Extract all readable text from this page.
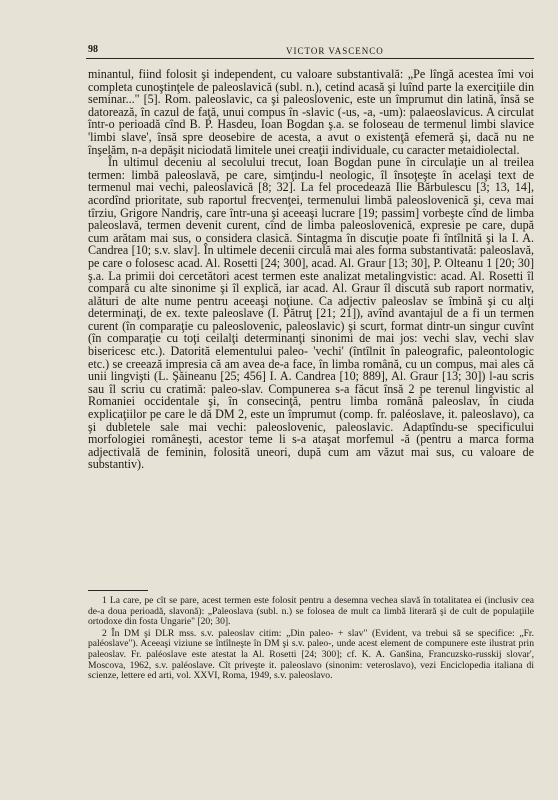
98	VICTOR VASCENCO

minantul, fiind folosit şi independent, cu valoare substantivală: „Pe lîngă acestea îmi voi completa cunoştinţele de paleoslavică (subl. n.), cetind acasă şi luînd parte la exerciţiile din seminar..." [5]. Rom. paleoslavic, ca şi paleoslovenic, este un împrumut din latină, însă se datorează, în cazul de faţă, unui compus în -slavic (-us, -a, -um): palaeoslavicus. A circulat într-o perioadă cînd B. P. Hasdeu, Ioan Bogdan ş.a. se foloseau de termenul limbi slavice 'limbi slave', însă spre deosebire de acesta, a avut o existenţă efemeră şi, dacă nu ne înşelăm, n-a depăşit niciodată limitele unei creaţii individuale, cu caracter metaidiolectal.

În ultimul deceniu al secolului trecut, Ioan Bogdan pune în circulaţie un al treilea termen: limbă paleoslavă, pe care, simţindu-l neologic, îl însoţeşte în acelaşi text de termenul mai vechi, paleoslavică [8; 32]. La fel procedează Ilie Bărbulescu [3; 13, 14], acordînd prioritate, sub raportul frecvenţei, termenului limbă paleoslovenică şi, ceva mai tîrziu, Grigore Nandriş, care într-una şi aceeaşi lucrare [19; passim] vorbeşte cînd de limba paleoslavă, termen devenit curent, cînd de limba paleoslovenică, expresie pe care, după cum arătam mai sus, o considera clasică. Sintagma în discuţie poate fi întîlnită şi la I. A. Candrea [10; s.v. slav]. În ultimele decenii circulă mai ales forma substantivată: paleoslavă, pe care o folosesc acad. Al. Rosetti [24; 300], acad. Al. Graur [13; 30], P. Olteanu 1 [20; 30] ş.a. La primii doi cercetători acest termen este analizat metalingvistic: acad. Al. Rosetti îl compară cu alte sinonime şi îl explică, iar acad. Al. Graur îl discută sub raport normativ, alături de alte nume pentru aceeaşi noţiune. Ca adjectiv paleoslav se îmbină şi cu alţi determinaţi, de ex. texte paleoslave (I. Pătruţ [21; 21]), avînd avantajul de a fi un termen curent (în comparaţie cu paleoslovenic, paleoslavic) şi scurt, format dintr-un singur cuvînt (în comparaţie cu toţi ceilalţi determinanţi sinonimi de mai jos: vechi slav, vechi slav bisericesc etc.). Datorită elementului paleo- 'vechi' (întîlnit în paleografic, paleontologic etc.) se creează impresia că am avea de-a face, în limba română, cu un compus, mai ales că unii lingvişti (L. Şăineanu [25; 456] I. A. Candrea [10; 889], Al. Graur [13; 30]) l-au scris sau îl scriu cu cratimă: paleo-slav. Compunerea s-a făcut însă 2 pe terenul lingvistic al Romaniei occidentale şi, în consecinţă, pentru limba română paleoslav, în ciuda explicaţiilor pe care le dă DM 2, este un împrumut (comp. fr. paléoslave, it. paleoslavo), ca şi dubletele sale mai vechi: paleoslovenic, paleoslavic. Adaptîndu-se specificului morfologiei româneşti, acestor teme li s-a ataşat morfemul -ă (pentru a marca forma adjectivală de feminin, folosită uneori, după cum am văzut mai sus, cu valoare de substantiv).

1 La care, pe cît se pare, acest termen este folosit pentru a desemna vechea slavă în totalitatea ei (inclusiv cea de-a doua perioadă, slavonă): „Paleoslava (subl. n.) se folosea de mult ca limbă literară şi de cult de populaţiile ortodoxe din fosta Ungarie" [20; 30].

2 În DM şi DLR mss. s.v. paleoslav citim: „Din paleo- + slav" (Evident, va trebui să se specifice: „Fr. paléoslave"). Aceeaşi viziune se întîlneşte în DM şi s.v. paleo-, unde acest element de compunere este ilustrat prin paleoslav. Fr. paléoslave este atestat la Al. Rosetti [24; 300]; cf. K. A. Ganšina, Francuzsko-russkij slovar', Moscova, 1962, s.v. paléoslave. Cît priveşte it. paleoslavo (sinonim: veteroslavo), vezi Enciclopedia italiana di scienze, lettere ed arti, vol. XXVI, Roma, 1949, s.v. paleoslavo.
